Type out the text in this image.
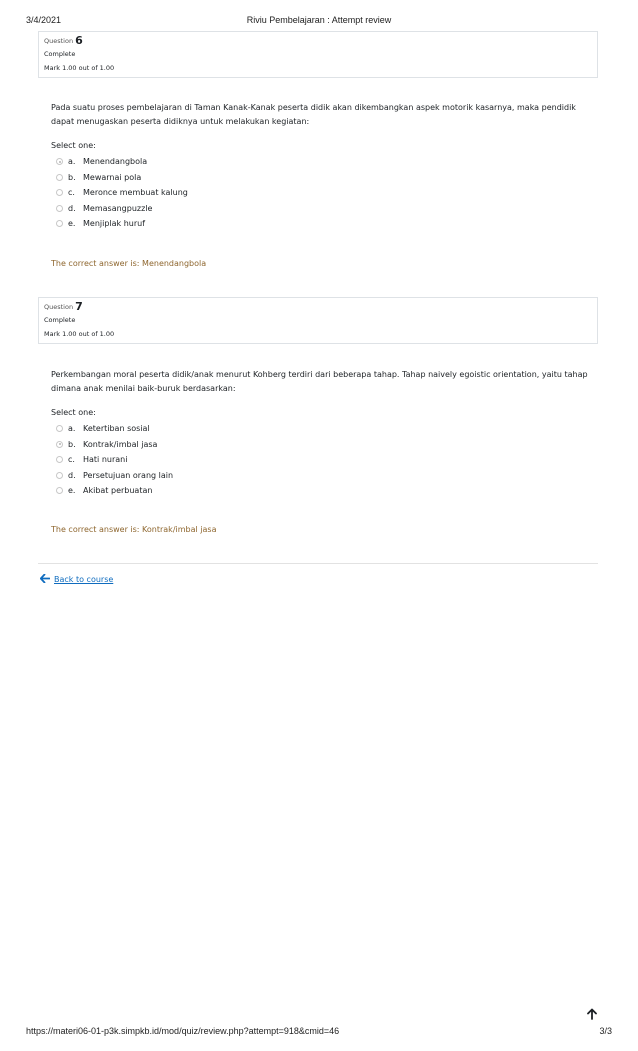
3/4/2021	Riviu Pembelajaran : Attempt review
Question 6
Complete
Mark 1.00 out of 1.00
Pada suatu proses pembelajaran di Taman Kanak-Kanak peserta didik akan dikembangkan aspek motorik kasarnya, maka pendidik dapat menugaskan peserta didiknya untuk melakukan kegiatan:
Select one:
a. Menendangbola
b. Mewarnai pola
c. Meronce membuat kalung
d. Memasangpuzzle
e. Menjiplak huruf
The correct answer is: Menendangbola
Question 7
Complete
Mark 1.00 out of 1.00
Perkembangan moral peserta didik/anak menurut Kohberg terdiri dari beberapa tahap. Tahap naively egoistic orientation, yaitu tahap dimana anak menilai baik-buruk berdasarkan:
Select one:
a. Ketertiban sosial
b. Kontrak/imbal jasa
c. Hati nurani
d. Persetujuan orang lain
e. Akibat perbuatan
The correct answer is: Kontrak/imbal jasa
Back to course
https://materi06-01-p3k.simpkb.id/mod/quiz/review.php?attempt=918&cmid=46	3/3
